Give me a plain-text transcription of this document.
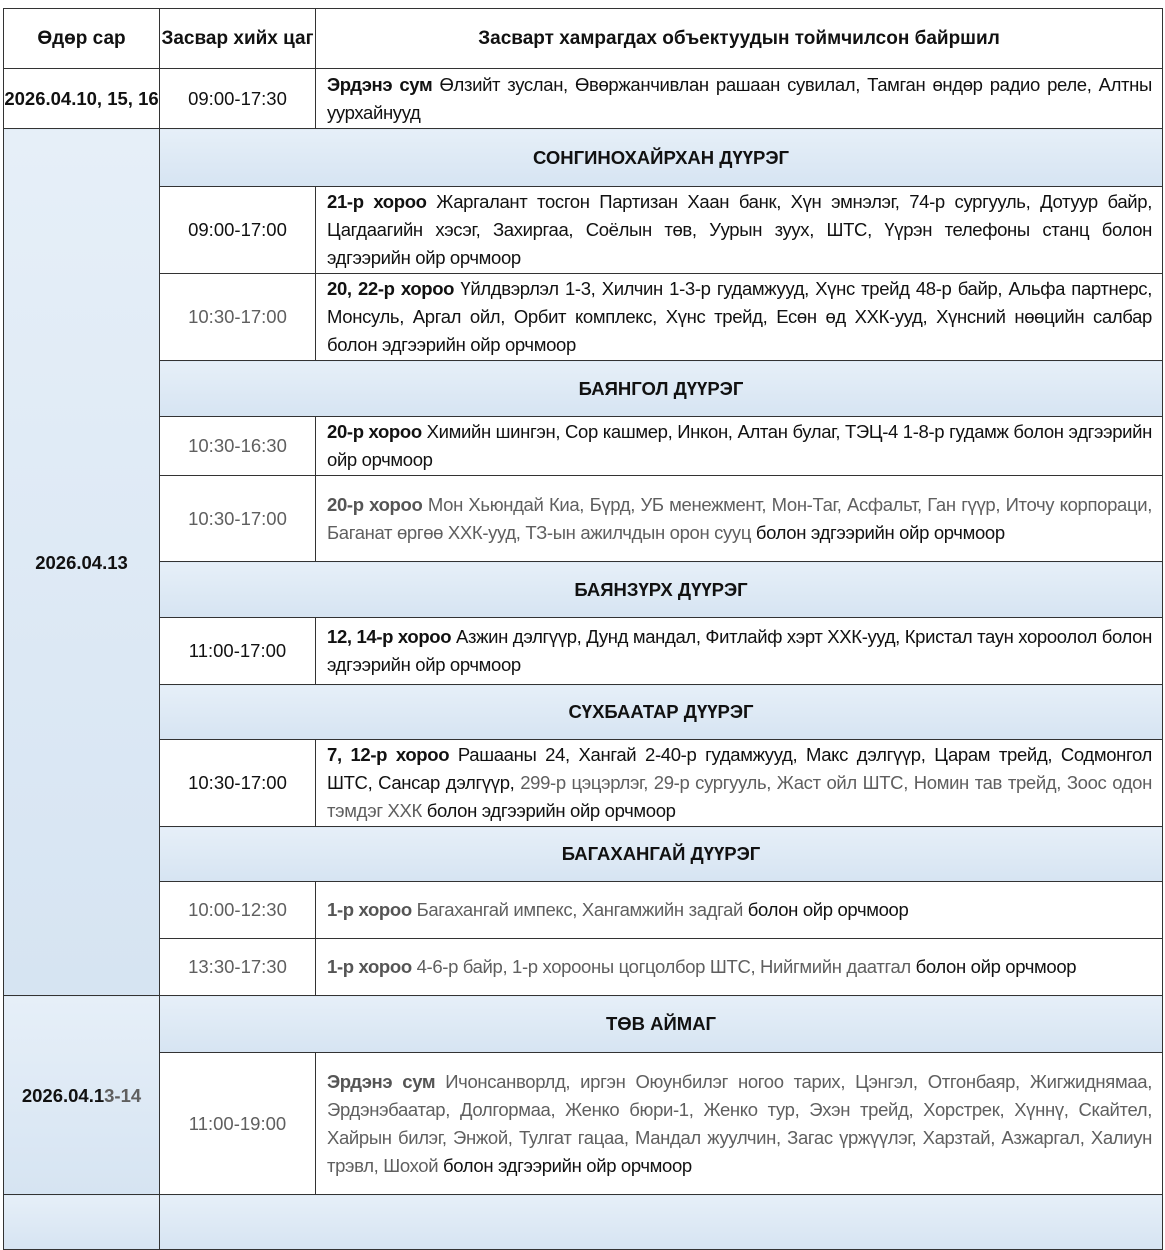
Өдөр сар	Засвар хийх цаг	Засварт хамрагдах объектуудын тоймчилсон байршил
2026.04.10, 15, 16	09:00-17:30	Эрдэнэ сум Өлзийт зуслан, Өвөржанчивлан рашаан сувилал, Тамган өндөр радио реле, Алтны уурхайнууд
2026.04.13	СОНГИНОХАЙРХАН ДҮҮРЭГ	
	09:00-17:00	21-р хороо Жаргалант тосгон Партизан Хаан банк, Хүн эмнэлэг, 74-р сургууль, Дотуур байр, Цагдаагийн хэсэг, Захиргаа, Соёлын төв, Уурын зуух, ШТС, Үүрэн телефоны станц болон эдгээрийн ойр орчмоор
	10:30-17:00	20, 22-р хороо Үйлдвэрлэл 1-3, Хилчин 1-3-р гудамжууд, Хүнс трейд 48-р байр, Альфа партнерс, Монсуль, Аргал ойл, Орбит комплекс, Хүнс трейд, Есөн өд ХХК-ууд, Хүнсний нөөцийн салбар болон эдгээрийн ойр орчмоор
	БАЯНГОЛ ДҮҮРЭГ	
	10:30-16:30	20-р хороо Химийн шингэн, Сор кашмер, Инкон, Алтан булаг, ТЭЦ-4 1-8-р гудамж болон эдгээрийн ойр орчмоор
	10:30-17:00	20-р хороо Мон Хьюндай Киа, Бүрд, УБ менежмент, Мон-Таг, Асфальт, Ган гүүр, Иточу корпораци, Баганат өргөө ХХК-ууд, ТЗ-ын ажилчдын орон сууц болон эдгээрийн ойр орчмоор
	БАЯНЗҮРХ ДҮҮРЭГ	
	11:00-17:00	12, 14-р хороо Азжин дэлгүүр, Дунд мандал, Фитлайф хэрт ХХК-ууд, Кристал таун хороолол болон эдгээрийн ойр орчмоор
	СҮХБААТАР ДҮҮРЭГ	
	10:30-17:00	7, 12-р хороо Рашааны 24, Хангай 2-40-р гудамжууд, Макс дэлгүүр, Царам трейд, Содмонгол ШТС, Сансар дэлгүүр, 299-р цэцэрлэг, 29-р сургууль, Жаст ойл ШТС, Номин тав трейд, Зоос одон тэмдэг ХХК болон эдгээрийн ойр орчмоор
	БАГАХАНГАЙ ДҮҮРЭГ	
	10:00-12:30	1-р хороо Багахангай импекс, Хангамжийн задгай болон ойр орчмоор
	13:30-17:30	1-р хороо 4-6-р байр, 1-р хорооны цогцолбор ШТС, Нийгмийн даатгал болон ойр орчмоор
2026.04.13-14	ТӨВ АЙМАГ	
	11:00-19:00	Эрдэнэ сум Ичонсанворлд, иргэн Оюунбилэг ногоо тарих, Цэнгэл, Отгонбаяр, Жигжиднямаа, Эрдэнэбаатар, Долгормаа, Женко бюри-1, Женко тур, Эхэн трейд, Хорстрек, Хүннү, Скайтел, Хайрын билэг, Энжой, Тулгат гацаа, Мандал жуулчин, Загас үржүүлэг, Харзтай, Азжаргал, Халиун трэвл, Шохой болон эдгээрийн ойр орчмоор
